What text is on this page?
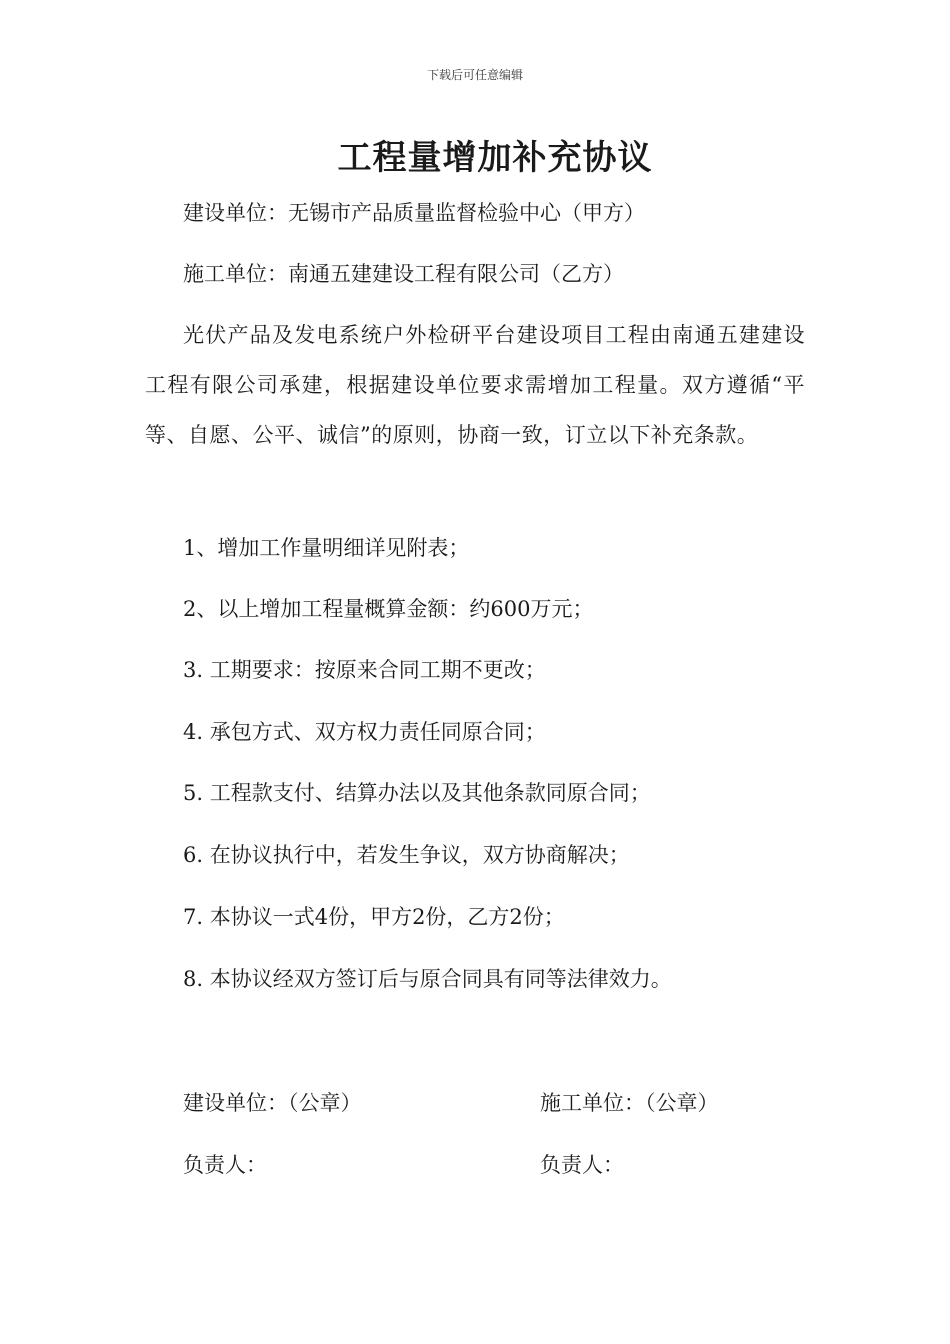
下载后可任意编辑
工程量增加补充协议
建设单位：无锡市产品质量监督检验中心（甲方）
施工单位：南通五建建设工程有限公司（乙方）

光伏产品及发电系统户外检研平台建设项目工程由南通五建建设工程有限公司承建，根据建设单位要求需增加工程量。双方遵循“平等、自愿、公平、诚信”的原则，协商一致，订立以下补充条款。

1、增加工作量明细详见附表；
2、以上增加工程量概算金额：约600万元；
3. 工期要求：按原来合同工期不更改；
4. 承包方式、双方权力责任同原合同；
5. 工程款支付、结算办法以及其他条款同原合同；
6. 在协议执行中，若发生争议，双方协商解决；
7. 本协议一式4份，甲方2份，乙方2份；
8. 本协议经双方签订后与原合同具有同等法律效力。
建设单位：（公章）	施工单位：（公章）
负责人：	负责人：
